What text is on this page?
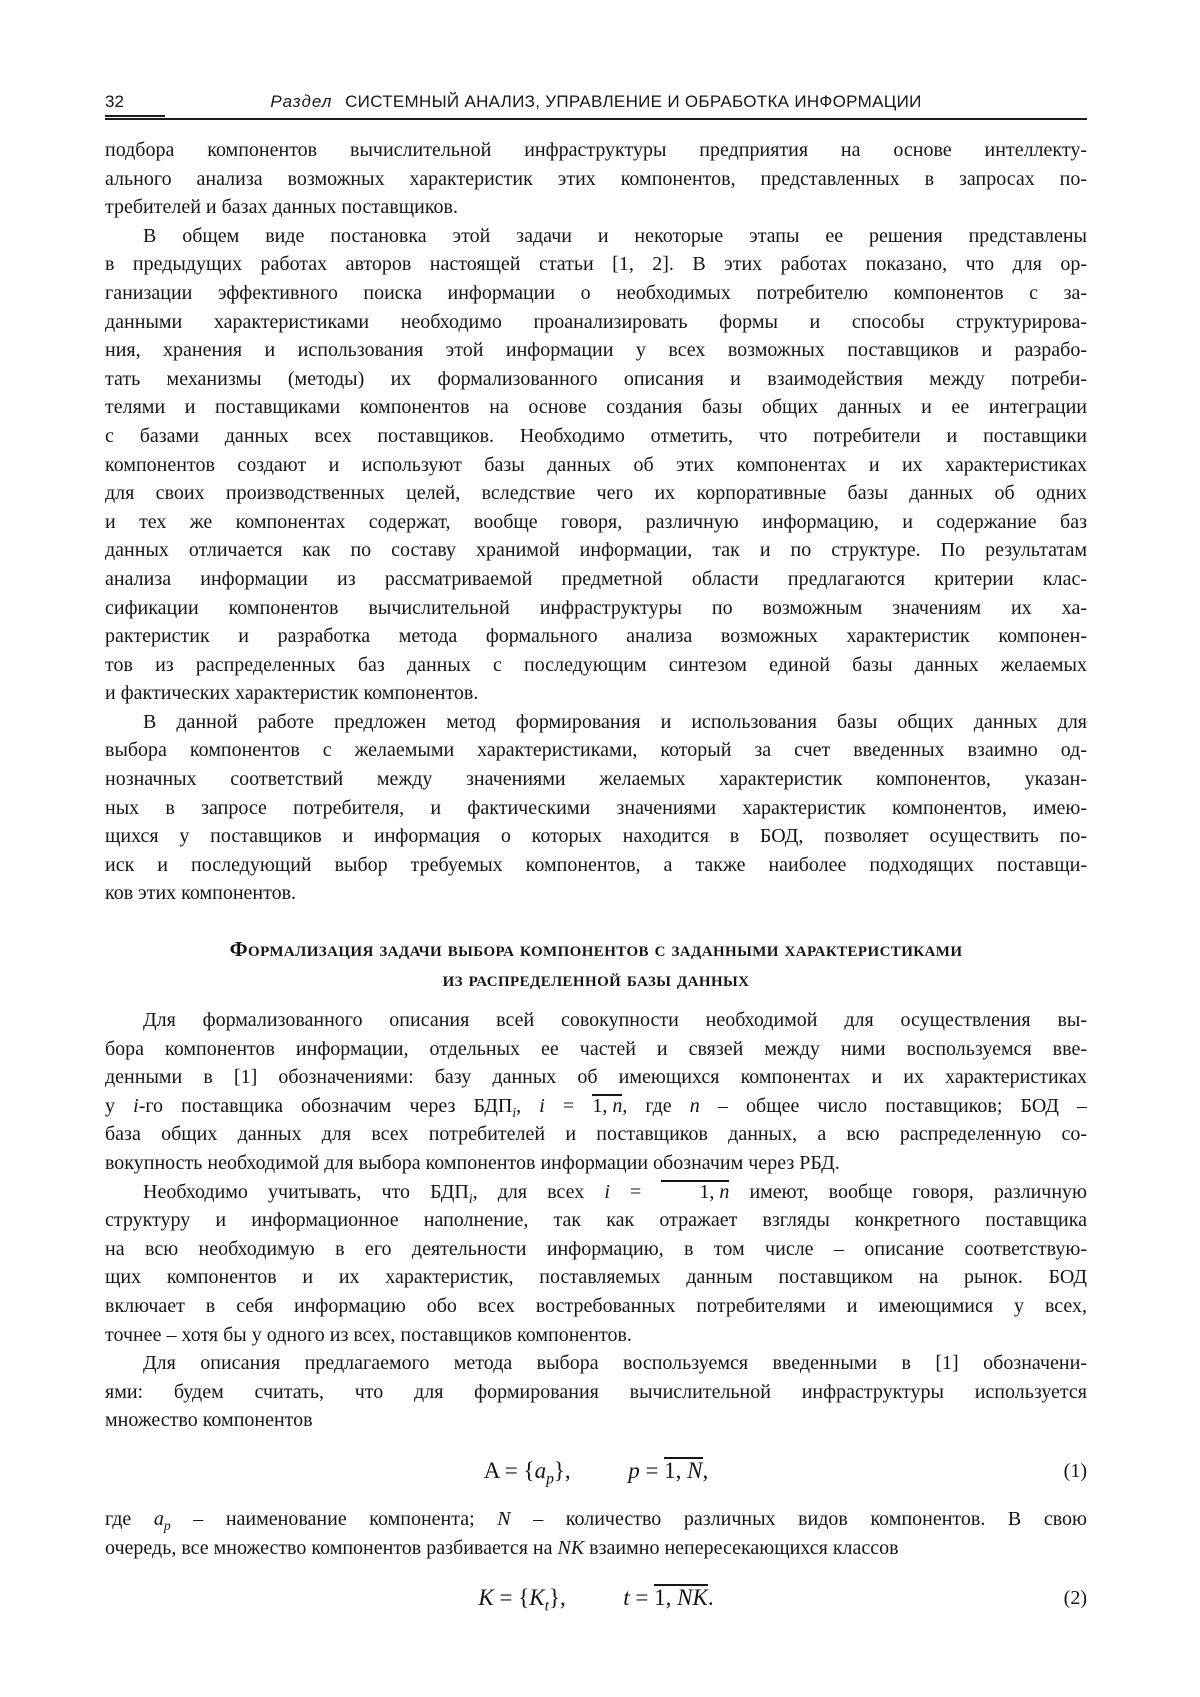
32	Раздел СИСТЕМНЫЙ АНАЛИЗ, УПРАВЛЕНИЕ И ОБРАБОТКА ИНФОРМАЦИИ
подбора компонентов вычислительной инфраструктуры предприятия на основе интеллекту-
ального анализа возможных характеристик этих компонентов, представленных в запросах по-
требителей и базах данных поставщиков.
В общем виде постановка этой задачи и некоторые этапы ее решения представлены
в предыдущих работах авторов настоящей статьи [1, 2]. В этих работах показано, что для ор-
ганизации эффективного поиска информации о необходимых потребителю компонентов с за-
данными характеристиками необходимо проанализировать формы и способы структурирова-
ния, хранения и использования этой информации у всех возможных поставщиков и разрабо-
тать механизмы (методы) их формализованного описания и взаимодействия между потреби-
телями и поставщиками компонентов на основе создания базы общих данных и ее интеграции
с базами данных всех поставщиков. Необходимо отметить, что потребители и поставщики
компонентов создают и используют базы данных об этих компонентах и их характеристиках
для своих производственных целей, вследствие чего их корпоративные базы данных об одних
и тех же компонентах содержат, вообще говоря, различную информацию, и содержание баз
данных отличается как по составу хранимой информации, так и по структуре. По результатам
анализа информации из рассматриваемой предметной области предлагаются критерии клас-
сификации компонентов вычислительной инфраструктуры по возможным значениям их ха-
рактеристик и разработка метода формального анализа возможных характеристик компонен-
тов из распределенных баз данных с последующим синтезом единой базы данных желаемых
и фактических характеристик компонентов.
В данной работе предложен метод формирования и использования базы общих данных для
выбора компонентов с желаемыми характеристиками, который за счет введенных взаимно од-
нозначных соответствий между значениями желаемых характеристик компонентов, указан-
ных в запросе потребителя, и фактическими значениями характеристик компонентов, имею-
щихся у поставщиков и информация о которых находится в БОД, позволяет осуществить по-
иск и последующий выбор требуемых компонентов, а также наиболее подходящих поставщи-
ков этих компонентов.
Формализация задачи выбора компонентов с заданными характеристиками
из распределенной базы данных
Для формализованного описания всей совокупности необходимой для осуществления вы-
бора компонентов информации, отдельных ее частей и связей между ними воспользуемся вве-
денными в [1] обозначениями: базу данных об имеющихся компонентах и их характеристиках
у i-го поставщика обозначим через $БДП_i$, i = 1, n, где n – общее число поставщиков; БОД –
база общих данных для всех потребителей и поставщиков данных, а всю распределенную со-
вокупность необходимой для выбора компонентов информации обозначим через РБД.
Необходимо учитывать, что $БДП_i$, для всех i = 1, n имеют, вообще говоря, различную
структуру и информационное наполнение, так как отражает взгляды конкретного поставщика
на всю необходимую в его деятельности информацию, в том числе – описание соответствую-
щих компонентов и их характеристик, поставляемых данным поставщиком на рынок. БОД
включает в себя информацию обо всех востребованных потребителями и имеющимися у всех,
точнее – хотя бы у одного из всех, поставщиков компонентов.
Для описания предлагаемого метода выбора воспользуемся введенными в [1] обозначени-
ями: будем считать, что для формирования вычислительной инфраструктуры используется
множество компонентов
$A = \{a_p\}$,   p = 1, N,	(1)
где $a_p$ – наименование компонента; N – количество различных видов компонентов. В свою
очередь, все множество компонентов разбивается на NK взаимно непересекающихся классов
$K = \{K_t\}$,   t = 1, NK.	(2)
